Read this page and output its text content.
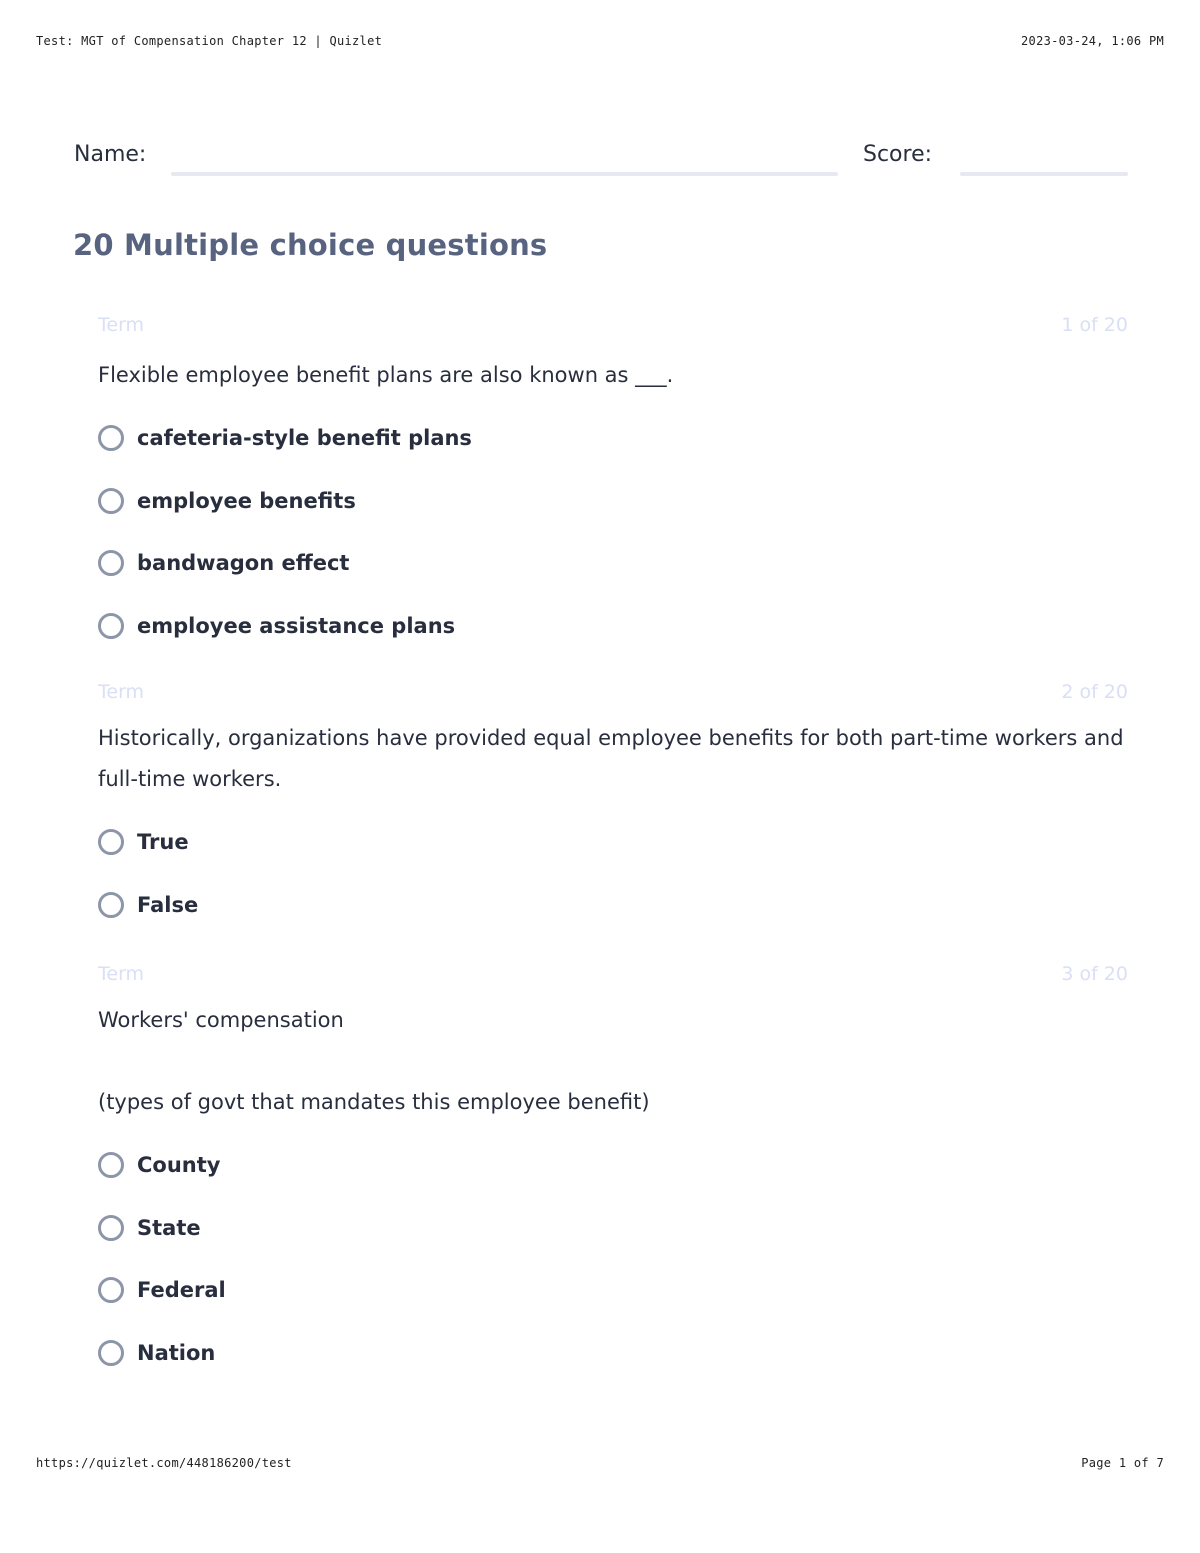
Test: MGT of Compensation Chapter 12 | Quizlet	2023-03-24, 1:06 PM
Name:	Score:
20 Multiple choice questions
Term	1 of 20
Flexible employee benefit plans are also known as ___.
cafeteria-style benefit plans
employee benefits
bandwagon effect
employee assistance plans
Term	2 of 20
Historically, organizations have provided equal employee benefits for both part-time workers and full-time workers.
True
False
Term	3 of 20
Workers' compensation

(types of govt that mandates this employee benefit)
County
State
Federal
Nation
https://quizlet.com/448186200/test	Page 1 of 7
